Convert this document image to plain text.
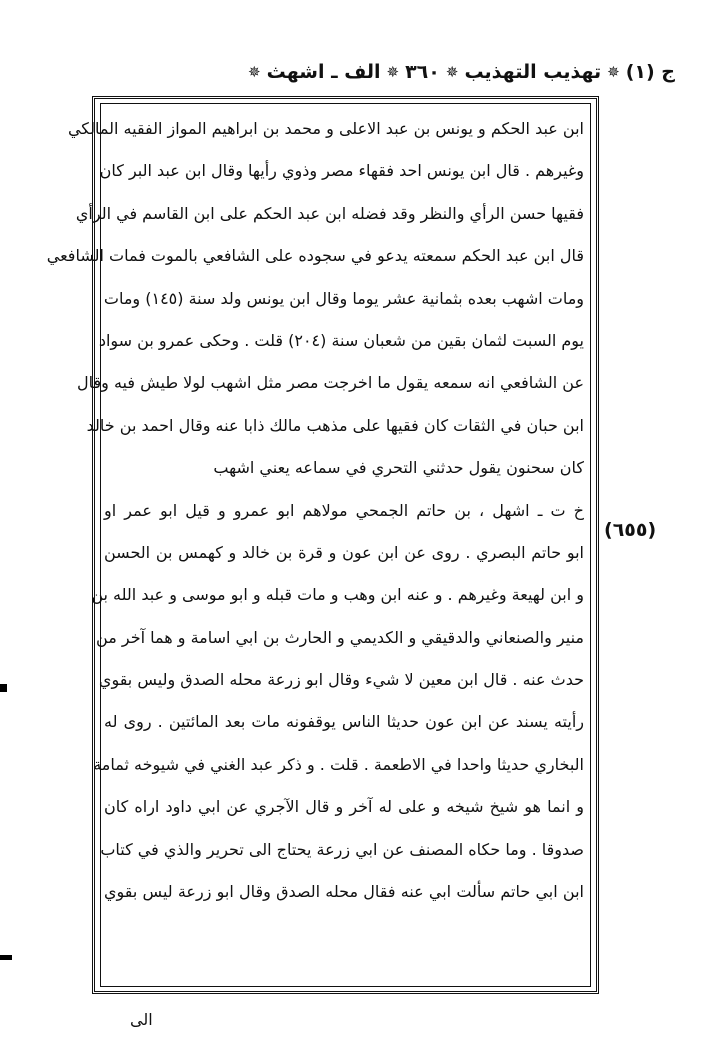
ج (١)
✵
تهذيب التهذيب
✵
٣٦٠
✵
الف ـ اشهث
✵
ابن عبد الحكم و يونس بن عبد الاعلى و محمد بن ابراهيم المواز الفقيه المالكي
وغيرهم . قال ابن يونس احد فقهاء مصر وذوي رأيها وقال ابن عبد البر كان
فقيها حسن الرأي والنظر وقد فضله ابن عبد الحكم على ابن القاسم في الرأي
قال ابن عبد الحكم سمعته يدعو في سجوده على الشافعي بالموت فمات الشافعي
ومات اشهب بعده بثمانية عشر يوما وقال ابن يونس ولد سنة (١٤٥) ومات
يوم السبت لثمان بقين من شعبان سنة (٢٠٤) قلت . وحكى عمرو بن سواد
عن الشافعي انه سمعه يقول ما اخرجت مصر مثل اشهب لولا طيش فيه وقال
ابن حبان في الثقات كان فقيها على مذهب مالك ذابا عنه وقال احمد بن خالد
كان سحنون يقول حدثني التحري في سماعه يعني اشهب
خ ت ـ اشهل ، بن حاتم الجمحي مولاهم ابو عمرو و قيل ابو عمر او
ابو حاتم البصري . روى عن ابن عون و قرة بن خالد و كهمس بن الحسن
و ابن لهيعة وغيرهم . و عنه ابن وهب و مات قبله و ابو موسى و عبد الله بن
منير والصنعاني والدقيقي و الكديمي و الحارث بن ابي اسامة و هما آخر من
حدث عنه . قال ابن معين لا شيء وقال ابو زرعة محله الصدق وليس بقوي
رأيته يسند عن ابن عون حديثا الناس يوقفونه مات بعد المائتين . روى له
البخاري حديثا واحدا في الاطعمة . قلت . و ذكر عبد الغني في شيوخه ثمامة
و انما هو شيخ شيخه و على له آخر و قال الآجري عن ابي داود اراه كان
صدوقا . وما حكاه المصنف عن ابي زرعة يحتاج الى تحرير والذي في كتاب
ابن ابي حاتم سألت ابي عنه فقال محله الصدق وقال ابو زرعة ليس بقوي
(٦٥٥)
الى
